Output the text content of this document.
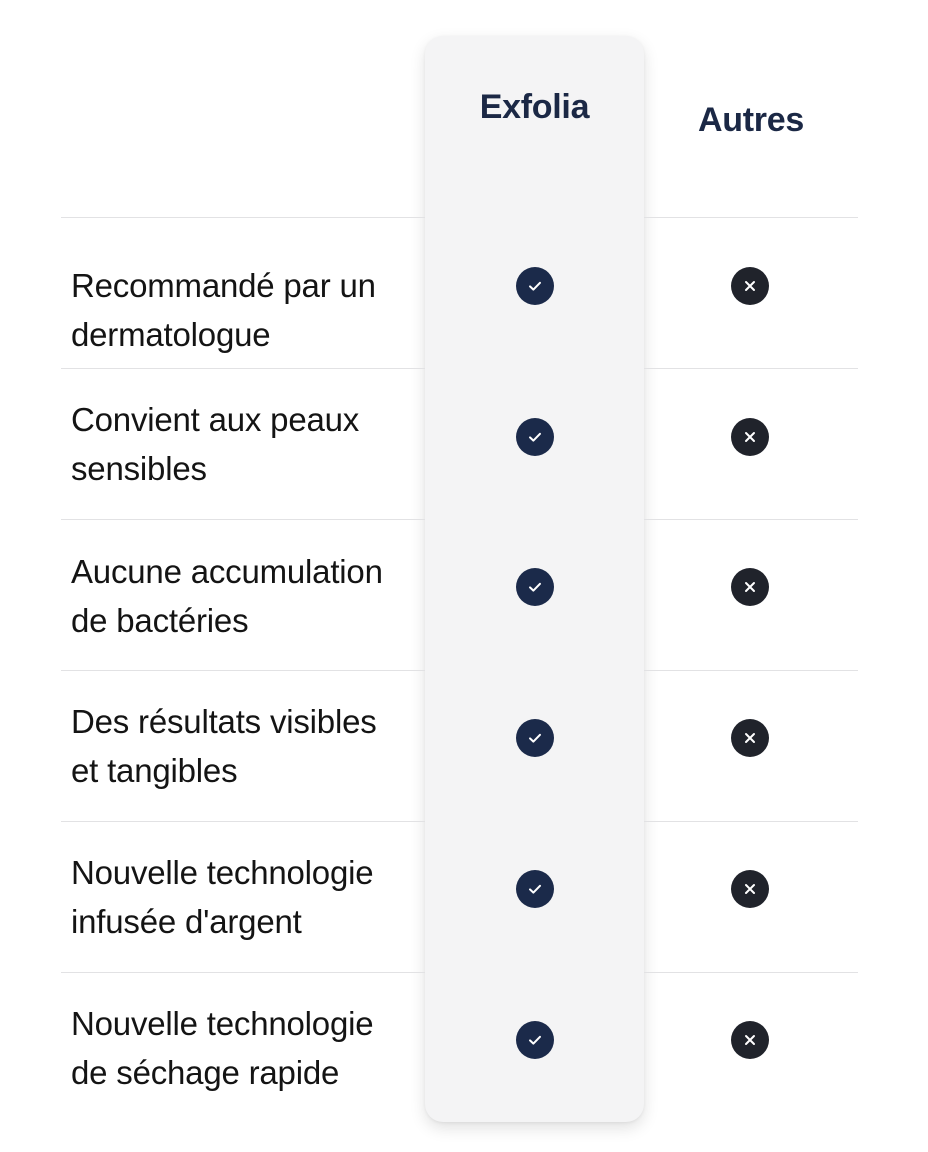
Exfolia	Autres
Recommandé par un
dermatologue
Convient aux peaux
sensibles
Aucune accumulation
de bactéries
Des résultats visibles
et tangibles
Nouvelle technologie
infusée d'argent
Nouvelle technologie
de séchage rapide
